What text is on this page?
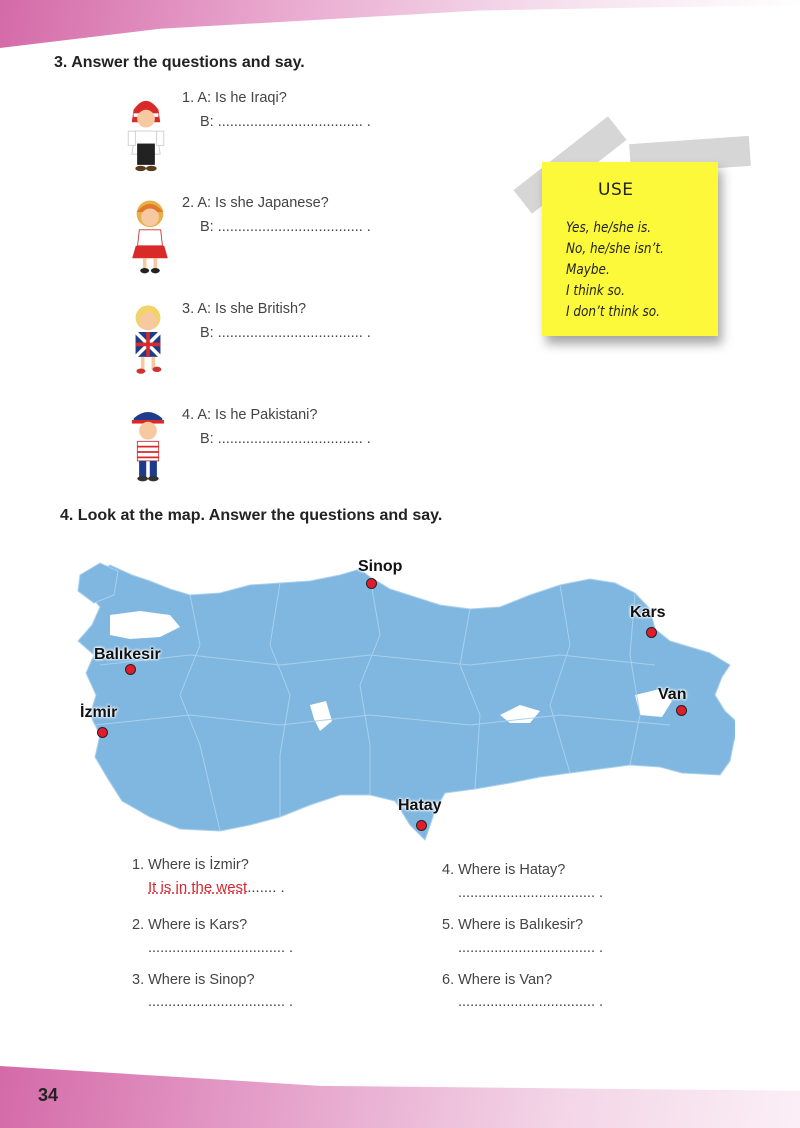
3. Answer the questions and say.
1. A: Is he Iraqi?
B: .................................... .
2. A: Is she Japanese?
B: .................................... .
3. A: Is she British?
B: .................................... .
4. A: Is he Pakistani?
B: .................................... .
USE
Yes, he/she is.
No, he/she isn’t.
Maybe.
I think so.
I don’t think so.
4. Look at the map. Answer the questions and say.
Sinop
Kars
Balıkesir
Van
İzmir
Hatay
1. Where is İzmir?
It is in the west....... .
2. Where is Kars?
.................................. .
3. Where is Sinop?
.................................. .
4. Where is Hatay?
.................................. .
5. Where is Balıkesir?
.................................. .
6. Where is Van?
.................................. .
34
